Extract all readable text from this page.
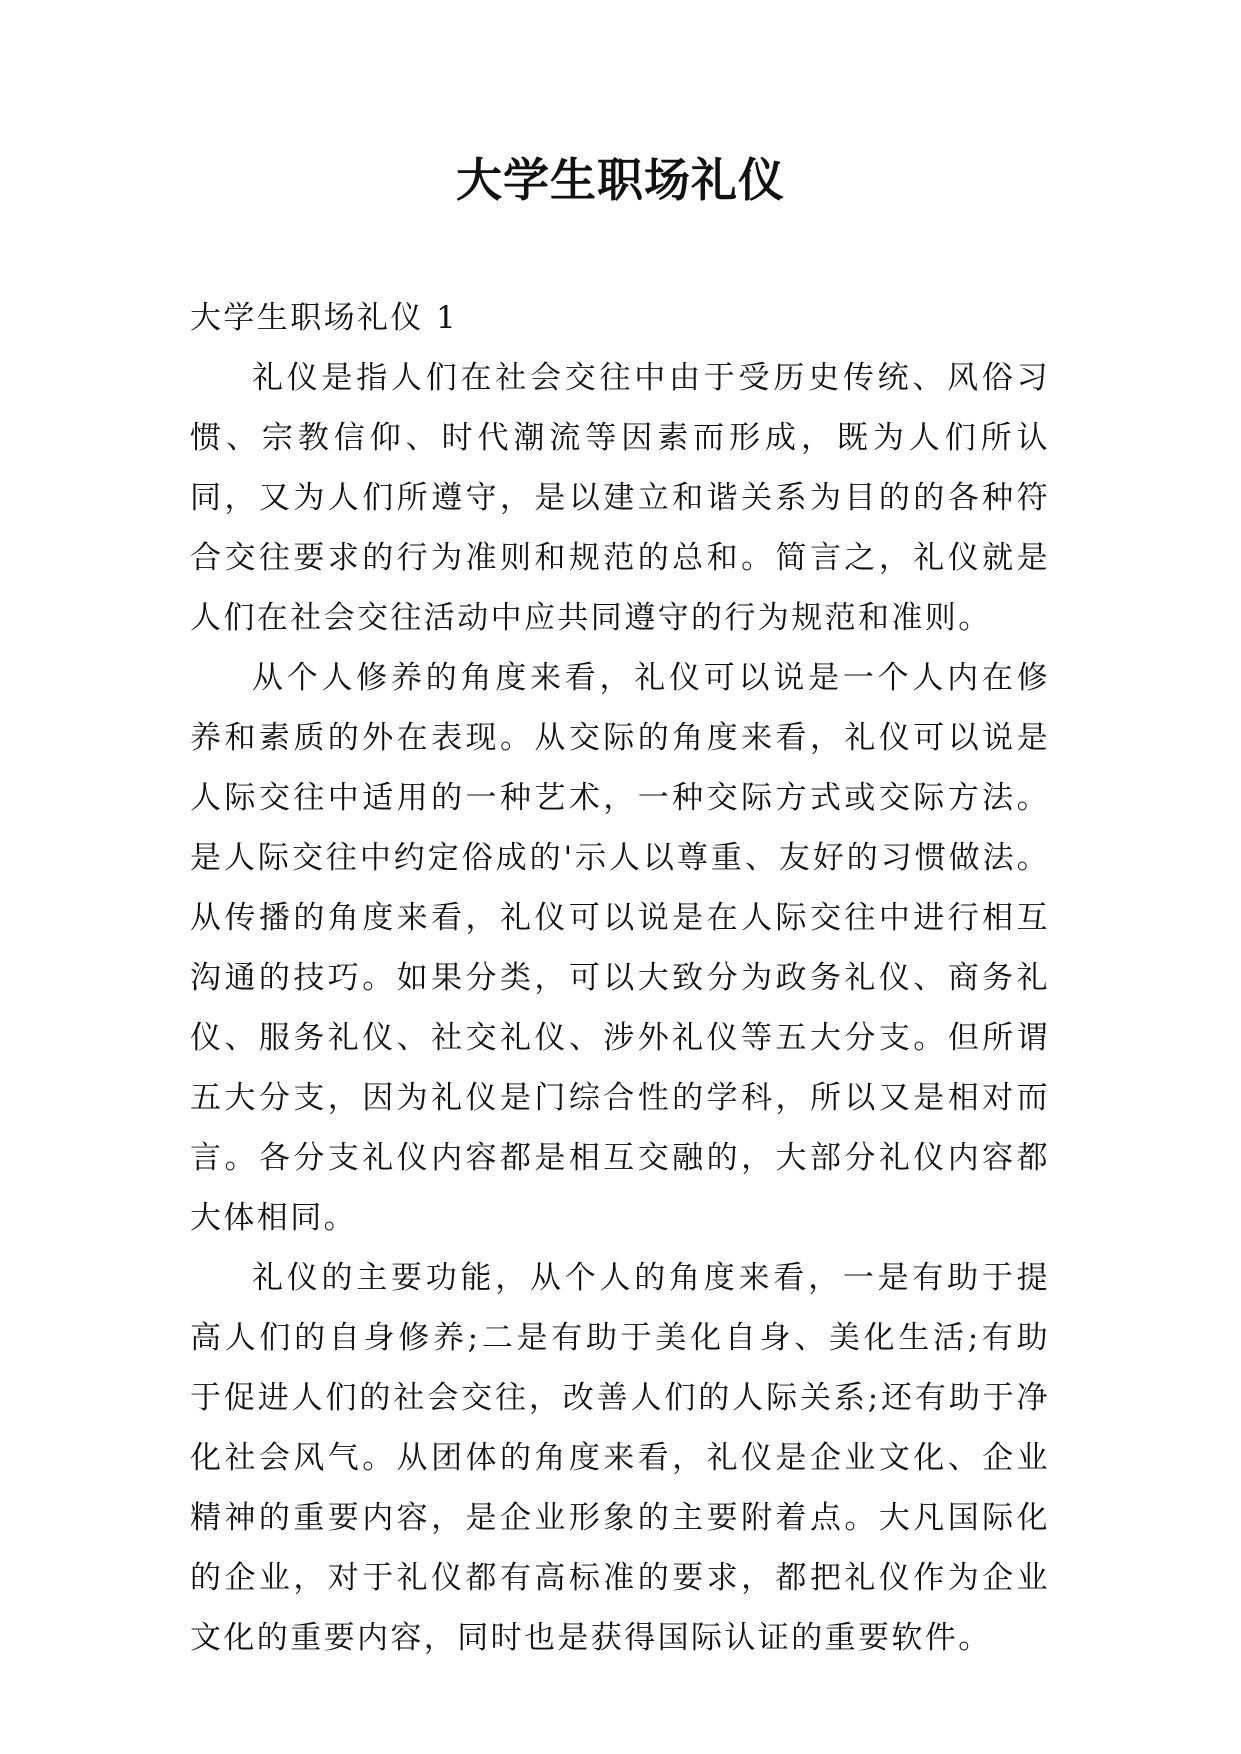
大学生职场礼仪
大学生职场礼仪 1

礼仪是指人们在社会交往中由于受历史传统、风俗习惯、宗教信仰、时代潮流等因素而形成，既为人们所认同，又为人们所遵守，是以建立和谐关系为目的的各种符合交往要求的行为准则和规范的总和。简言之，礼仪就是人们在社会交往活动中应共同遵守的行为规范和准则。

从个人修养的角度来看，礼仪可以说是一个人内在修养和素质的外在表现。从交际的角度来看，礼仪可以说是人际交往中适用的一种艺术，一种交际方式或交际方法。是人际交往中约定俗成的'示人以尊重、友好的习惯做法。从传播的角度来看，礼仪可以说是在人际交往中进行相互沟通的技巧。如果分类，可以大致分为政务礼仪、商务礼仪、服务礼仪、社交礼仪、涉外礼仪等五大分支。但所谓五大分支，因为礼仪是门综合性的学科，所以又是相对而言。各分支礼仪内容都是相互交融的，大部分礼仪内容都大体相同。

礼仪的主要功能，从个人的角度来看，一是有助于提高人们的自身修养;二是有助于美化自身、美化生活;有助于促进人们的社会交往，改善人们的人际关系;还有助于净化社会风气。从团体的角度来看，礼仪是企业文化、企业精神的重要内容，是企业形象的主要附着点。大凡国际化的企业，对于礼仪都有高标准的要求，都把礼仪作为企业文化的重要内容，同时也是获得国际认证的重要软件。
